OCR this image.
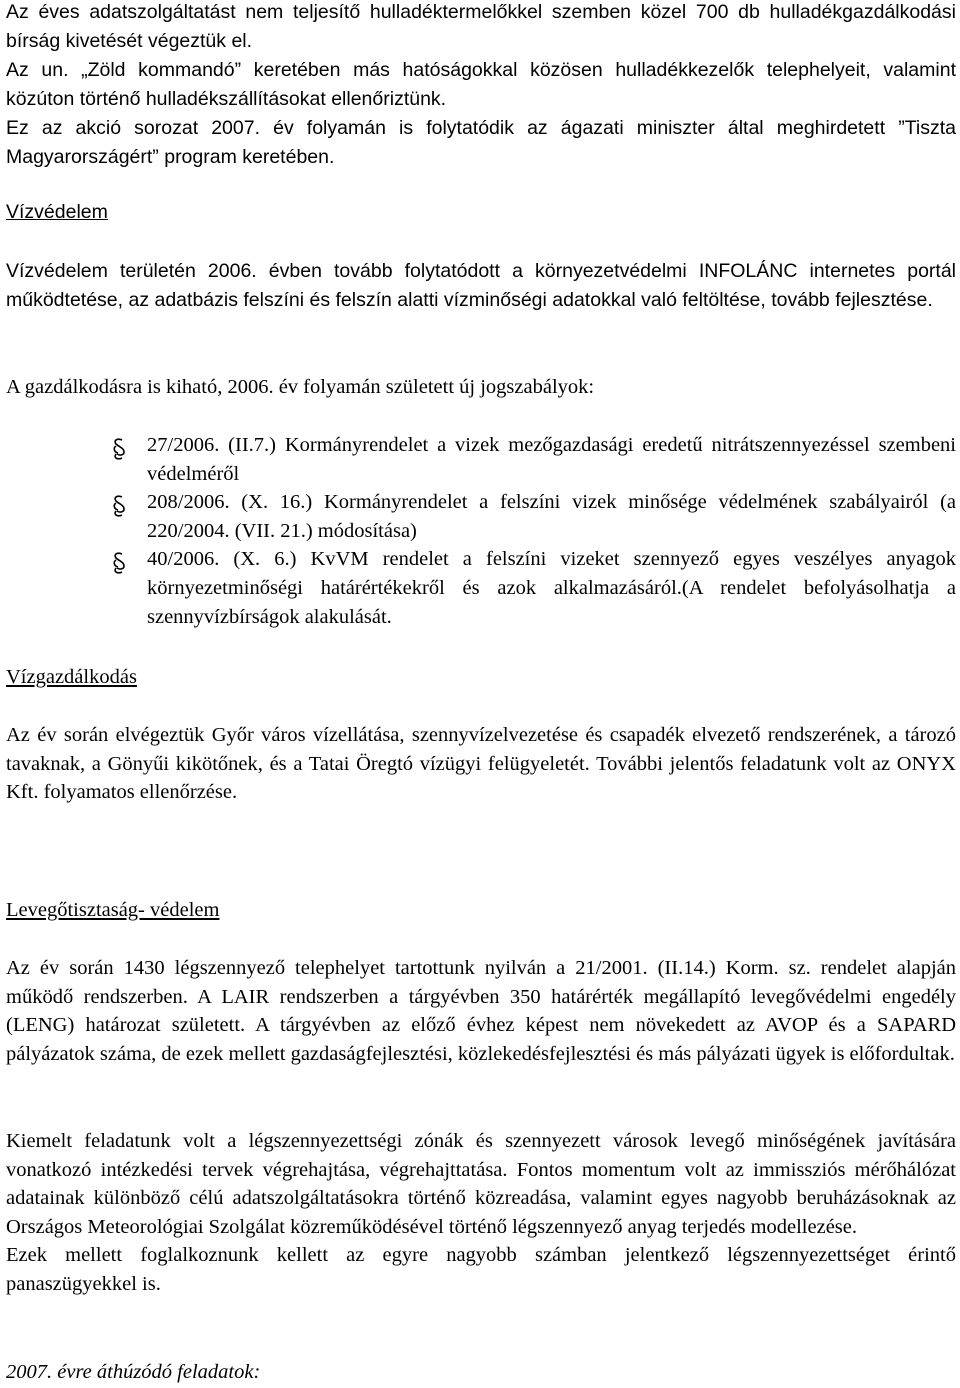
Az éves adatszolgáltatást nem teljesítő hulladéktermelőkkel szemben közel 700 db hulladékgazdálkodási bírság kivetését végeztük el.

Az un. „Zöld kommandó” keretében más hatóságokkal közösen hulladékkezelők telephelyeit, valamint közúton történő hulladékszállításokat ellenőriztünk.

Ez az akció sorozat 2007. év folyamán is folytatódik az ágazati miniszter által meghirdetett ”Tiszta Magyarországért” program keretében.

Vízvédelem

Vízvédelem területén 2006. évben tovább folytatódott a környezetvédelmi INFOLÁNC internetes portál működtetése, az adatbázis felszíni és felszín alatti vízminőségi adatokkal való feltöltése, tovább fejlesztése.

A gazdálkodásra is kiható, 2006. év folyamán született új jogszabályok:

27/2006. (II.7.) Kormányrendelet a vizek mezőgazdasági eredetű nitrátszennyezéssel szembeni védelméről
208/2006. (X. 16.) Kormányrendelet a felszíni vizek minősége védelmének szabályairól (a 220/2004. (VII. 21.) módosítása)
40/2006. (X. 6.) KvVM rendelet a felszíni vizeket szennyező egyes veszélyes anyagok környezetminőségi határértékekről és azok alkalmazásáról.(A rendelet befolyásolhatja a szennyvízbírságok alakulását.

Vízgazdálkodás

Az év során elvégeztük Győr város vízellátása, szennyvízelvezetése és csapadék elvezető rendszerének, a tározó tavaknak, a Gönyűi kikötőnek, és a Tatai Öregtó vízügyi felügyeletét. További jelentős feladatunk volt az ONYX Kft. folyamatos ellenőrzése.

Levegőtisztaság- védelem

Az év során 1430 légszennyező telephelyet tartottunk nyilván a 21/2001. (II.14.) Korm. sz. rendelet alapján működő rendszerben. A LAIR rendszerben a tárgyévben 350 határérték megállapító levegővédelmi engedély (LENG) határozat született. A tárgyévben az előző évhez képest nem növekedett az AVOP és a SAPARD pályázatok száma, de ezek mellett gazdaságfejlesztési, közlekedésfejlesztési és más pályázati ügyek is előfordultak.

Kiemelt feladatunk volt a légszennyezettségi zónák és szennyezett városok levegő minőségének javítására vonatkozó intézkedési tervek végrehajtása, végrehajttatása. Fontos momentum volt az immissziós mérőhálózat adatainak különböző célú adatszolgáltatásokra történő közreadása, valamint egyes nagyobb beruházásoknak az Országos Meteorológiai Szolgálat közreműködésével történő légszennyező anyag terjedés modellezése.

Ezek mellett foglalkoznunk kellett az egyre nagyobb számban jelentkező légszennyezettséget érintő panaszügyekkel is.

2007. évre áthúzódó feladatok:
